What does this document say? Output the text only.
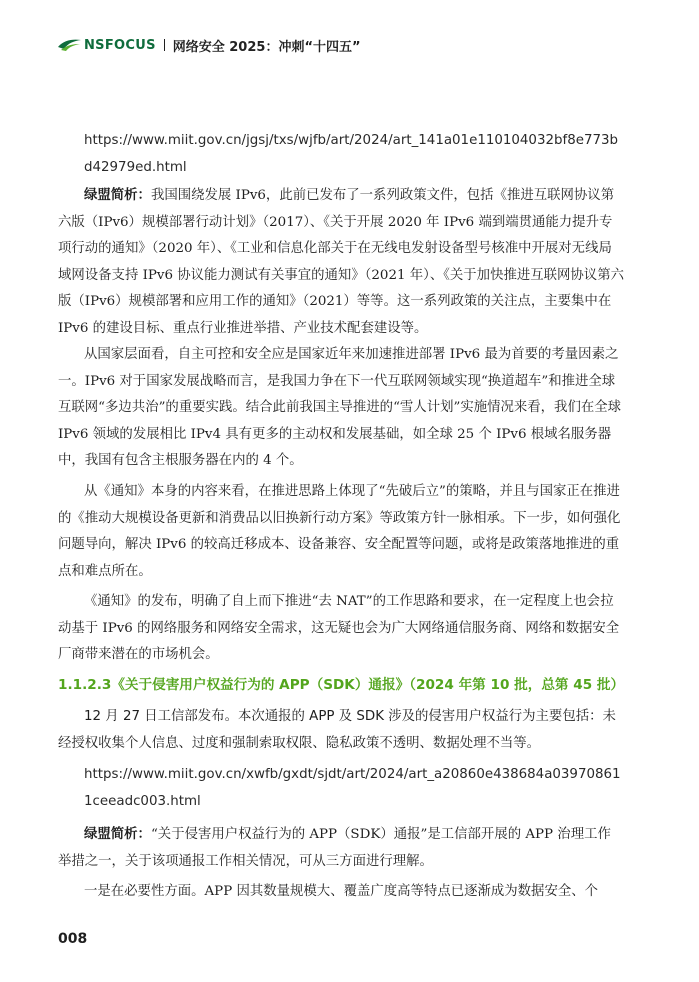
NSFOCUS 网络安全 2025：冲刺“十四五”
https://www.miit.gov.cn/jgsj/txs/wjfb/art/2024/art_141a01e110104032bf8e773bd42979ed.html
绿盟简析：我国围绕发展 IPv6，此前已发布了一系列政策文件，包括《推进互联网协议第六版（IPv6）规模部署行动计划》（2017）、《关于开展 2020 年 IPv6 端到端贯通能力提升专项行动的通知》（2020 年）、《工业和信息化部关于在无线电发射设备型号核准中开展对无线局域网设备支持 IPv6 协议能力测试有关事宜的通知》（2021 年）、《关于加快推进互联网协议第六版（IPv6）规模部署和应用工作的通知》（2021）等等。这一系列政策的关注点，主要集中在 IPv6 的建设目标、重点行业推进举措、产业技术配套建设等。
从国家层面看，自主可控和安全应是国家近年来加速推进部署 IPv6 最为首要的考量因素之一。IPv6 对于国家发展战略而言，是我国力争在下一代互联网领域实现“换道超车”和推进全球互联网“多边共治”的重要实践。结合此前我国主导推进的“雪人计划”实施情况来看，我们在全球 IPv6 领域的发展相比 IPv4 具有更多的主动权和发展基础，如全球 25 个 IPv6 根域名服务器中，我国有包含主根服务器在内的 4 个。
从《通知》本身的内容来看，在推进思路上体现了“先破后立”的策略，并且与国家正在推进的《推动大规模设备更新和消费品以旧换新行动方案》等政策方针一脉相承。下一步，如何强化问题导向，解决 IPv6 的较高迁移成本、设备兼容、安全配置等问题，或将是政策落地推进的重点和难点所在。
《通知》的发布，明确了自上而下推进“去 NAT”的工作思路和要求，在一定程度上也会拉动基于 IPv6 的网络服务和网络安全需求，这无疑也会为广大网络通信服务商、网络和数据安全厂商带来潜在的市场机会。
1.1.2.3《关于侵害用户权益行为的 APP（SDK）通报》（2024 年第 10 批，总第 45 批）
12 月 27 日工信部发布。本次通报的 APP 及 SDK 涉及的侵害用户权益行为主要包括：未经授权收集个人信息、过度和强制索取权限、隐私政策不透明、数据处理不当等。
https://www.miit.gov.cn/xwfb/gxdt/sjdt/art/2024/art_a20860e438684a039708611ceeadc003.html
绿盟简析：“关于侵害用户权益行为的 APP（SDK）通报”是工信部开展的 APP 治理工作举措之一，关于该项通报工作相关情况，可从三方面进行理解。
一是在必要性方面。APP 因其数量规模大、覆盖广度高等特点已逐渐成为数据安全、个
008
